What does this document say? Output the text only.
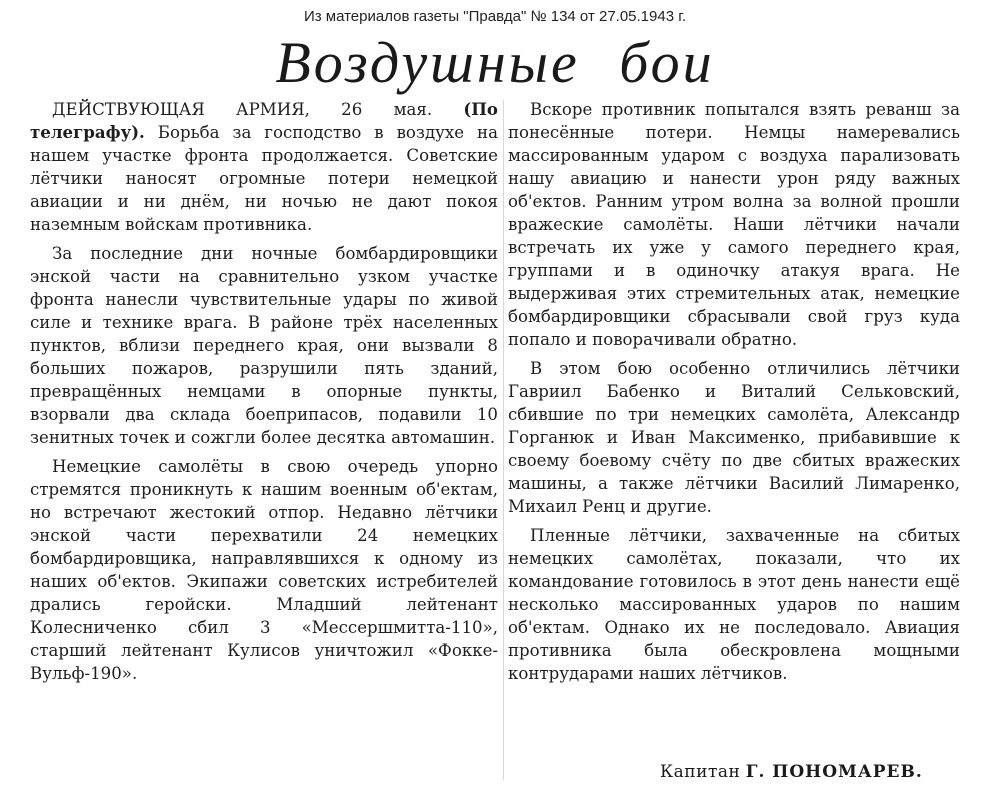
Из материалов газеты "Правда" № 134 от 27.05.1943 г.
Воздушные бои

ДЕЙСТВУЮЩАЯ АРМИЯ, 26 мая. (По телеграфу). Борьба за господство в воздухе на нашем участке фронта продолжается. Советские лётчики наносят огромные потери немецкой авиации и ни днём, ни ночью не дают покоя наземным войскам противника.

За последние дни ночные бомбардировщики энской части на сравнительно узком участке фронта нанесли чувствительные удары по живой силе и технике врага. В районе трёх населенных пунктов, вблизи переднего края, они вызвали 8 больших пожаров, разрушили пять зданий, превращённых немцами в опорные пункты, взорвали два склада боеприпасов, подавили 10 зенитных точек и сожгли более десятка автомашин.

Немецкие самолёты в свою очередь упорно стремятся проникнуть к нашим военным об'ектам, но встречают жестокий отпор. Недавно лётчики энской части перехватили 24 немецких бомбардировщика, направлявшихся к одному из наших об'ектов. Экипажи советских истребителей дрались геройски. Младший лейтенант Колесниченко сбил 3 «Мессершмитта-110», старший лейтенант Кулисов уничтожил «Фокке-Вульф-190».

Вскоре противник попытался взять реванш за понесённые потери. Немцы намеревались массированным ударом с воздуха парализовать нашу авиацию и нанести урон ряду важных об'ектов. Ранним утром волна за волной прошли вражеские самолёты. Наши лётчики начали встречать их уже у самого переднего края, группами и в одиночку атакуя врага. Не выдерживая этих стремительных атак, немецкие бомбардировщики сбрасывали свой груз куда попало и поворачивали обратно.

В этом бою особенно отличились лётчики Гавриил Бабенко и Виталий Сельковский, сбившие по три немецких самолёта, Александр Горганюк и Иван Максименко, прибавившие к своему боевому счёту по две сбитых вражеских машины, а также лётчики Василий Лимаренко, Михаил Ренц и другие.

Пленные лётчики, захваченные на сбитых немецких самолётах, показали, что их командование готовилось в этот день нанести ещё несколько массированных ударов по нашим об'ектам. Однако их не последовало. Авиация противника была обескровлена мощными контрударами наших лётчиков.

Капитан Г. ПОНОМАРЕВ.
